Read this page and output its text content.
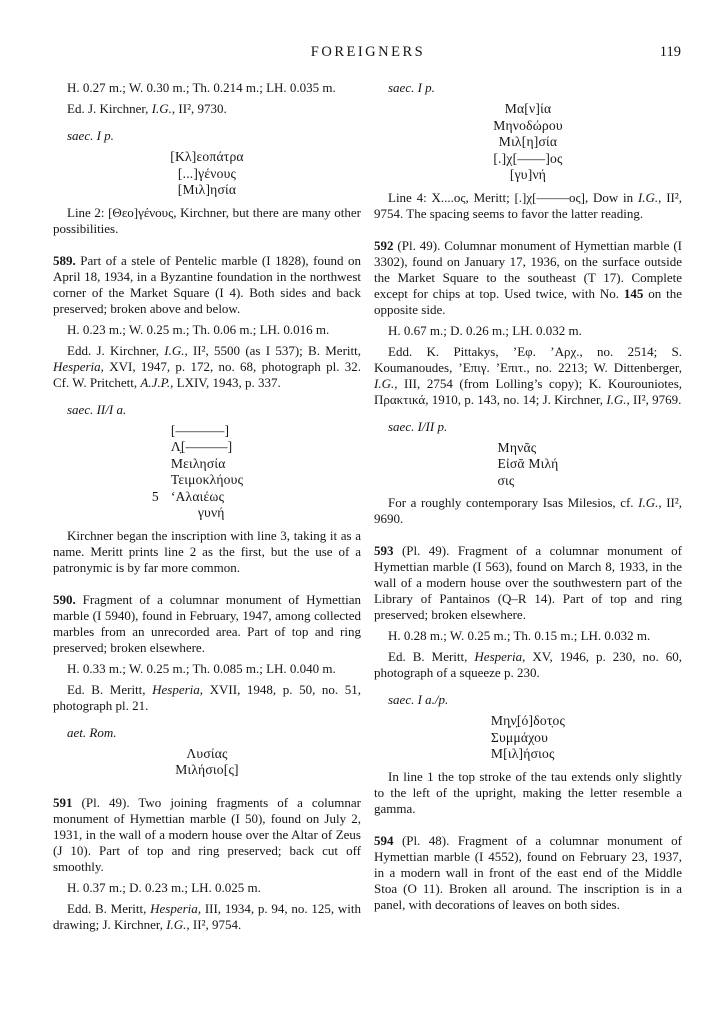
FOREIGNERS	119
H. 0.27 m.; W. 0.30 m.; Th. 0.214 m.; LH. 0.035 m.
Ed. J. Kirchner, I.G., II², 9730.
saec. I p.
[Κλ]εοπάτρα
[...]γένους
[Μιλ]ησία
Line 2: [Θεο]γένους, Kirchner, but there are many other possibilities.
589. Part of a stele of Pentelic marble (I 1828), found on April 18, 1934, in a Byzantine foundation in the northwest corner of the Market Square (I 4). Both sides and back preserved; broken above and below.
H. 0.23 m.; W. 0.25 m.; Th. 0.06 m.; LH. 0.016 m.
Edd. J. Kirchner, I.G., II², 5500 (as I 537); B. Meritt, Hesperia, XVI, 1947, p. 172, no. 68, photograph pl. 32. Cf. W. Pritchett, A.J.P., LXIV, 1943, p. 337.
saec. II/I a.
[–––––––]
Λ̣[––––––]
Μειλησία
Τειμοκλήους
5 ‘Αλαιέως
γυνή
Kirchner began the inscription with line 3, taking it as a name. Meritt prints line 2 as the first, but the use of a patronymic is by far more common.
590. Fragment of a columnar monument of Hymettian marble (I 5940), found in February, 1947, among collected marbles from an unrecorded area. Part of top and ring preserved; broken elsewhere.
H. 0.33 m.; W. 0.25 m.; Th. 0.085 m.; LH. 0.040 m.
Ed. B. Meritt, Hesperia, XVII, 1948, p. 50, no. 51, photograph pl. 21.
aet. Rom.
Λυσίας
Μιλήσιο[ς]
591 (Pl. 49). Two joining fragments of a columnar monument of Hymettian marble (I 50), found on July 2, 1931, in the wall of a modern house over the Altar of Zeus (J 10). Part of top and ring preserved; back cut off smoothly.
H. 0.37 m.; D. 0.23 m.; LH. 0.025 m.
Edd. B. Meritt, Hesperia, III, 1934, p. 94, no. 125, with drawing; J. Kirchner, I.G., II², 9754.
saec. I p.
Μα[ν]ία
Μηνοδώρου
Μιλ[η]σία
[.]χ[––––]ος
[γυ]νή
Line 4: Χ....ος, Meritt; [.]χ[–––––ος], Dow in I.G., II², 9754. The spacing seems to favor the latter reading.
592 (Pl. 49). Columnar monument of Hymettian marble (I 3302), found on January 17, 1936, on the surface outside the Market Square to the southeast (T 17). Complete except for chips at top. Used twice, with No. 145 on the opposite side.
H. 0.67 m.; D. 0.26 m.; LH. 0.032 m.
Edd. K. Pittakys, ’Εφ. ’Αρχ., no. 2514; S. Koumanoudes, ’Επιγ. ’Επιτ., no. 2213; W. Dittenberger, I.G., III, 2754 (from Lolling’s copy); K. Kourouniotes, Πρακτικά, 1910, p. 143, no. 14; J. Kirchner, I.G., II², 9769.
saec. I/II p.
Μηνᾶς
Εἰσᾶ Μιλή
σις
For a roughly contemporary Isas Milesios, cf. I.G., II², 9690.
593 (Pl. 49). Fragment of a columnar monument of Hymettian marble (I 563), found on March 8, 1933, in the wall of a modern house over the southwestern part of the Library of Pantainos (Q–R 14). Part of top and ring preserved; broken elsewhere.
H. 0.28 m.; W. 0.25 m.; Th. 0.15 m.; LH. 0.032 m.
Ed. B. Meritt, Hesperia, XV, 1946, p. 230, no. 60, photograph of a squeeze p. 230.
saec. I a./p.
Μη̣ν̣[ό]δοτ̣ος
Συμμάχου
Μ[ιλ]ήσιος
In line 1 the top stroke of the tau extends only slightly to the left of the upright, making the letter resemble a gamma.
594 (Pl. 48). Fragment of a columnar monument of Hymettian marble (I 4552), found on February 23, 1937, in a modern wall in front of the east end of the Middle Stoa (O 11). Broken all around. The inscription is in a panel, with decorations of leaves on both sides.
